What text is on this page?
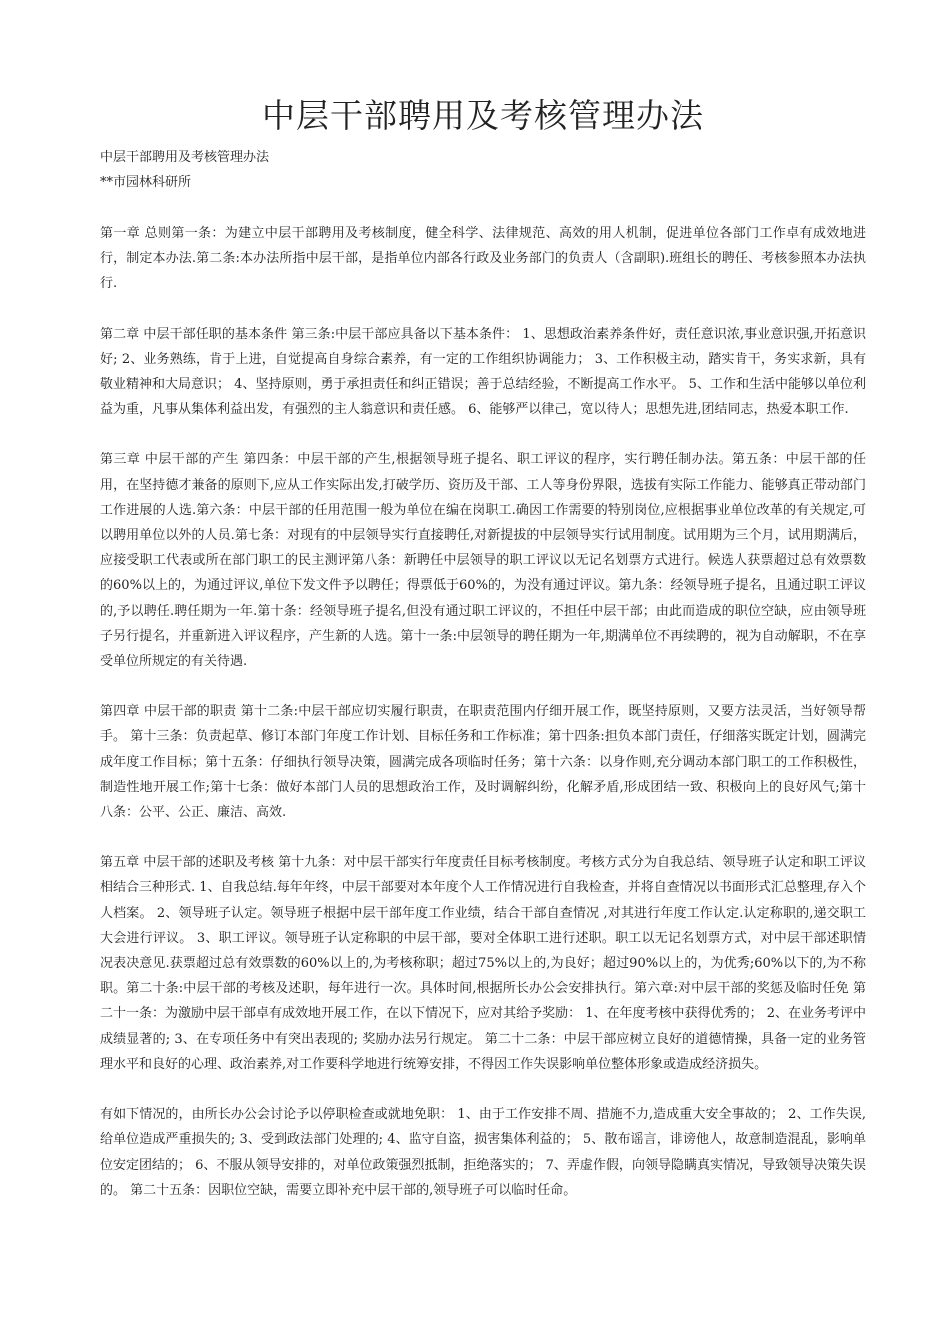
中层干部聘用及考核管理办法

中层干部聘用及考核管理办法

**市园林科研所

第一章 总则第一条：为建立中层干部聘用及考核制度，健全科学、法律规范、高效的用人机制，促进单位各部门工作卓有成效地进行，制定本办法.第二条:本办法所指中层干部，是指单位内部各行政及业务部门的负责人（含副职).班组长的聘任、考核参照本办法执行.

第二章 中层干部任职的基本条件 第三条:中层干部应具备以下基本条件： 1、思想政治素养条件好，责任意识浓,事业意识强,开拓意识好; 2、业务熟练，肯于上进，自觉提高自身综合素养，有一定的工作组织协调能力； 3、工作积极主动，踏实肯干，务实求新，具有敬业精神和大局意识； 4、坚持原则，勇于承担责任和纠正错误；善于总结经验，不断提高工作水平。 5、工作和生活中能够以单位利益为重，凡事从集体利益出发，有强烈的主人翁意识和责任感。 6、能够严以律己，宽以待人；思想先进,团结同志，热爱本职工作.

第三章 中层干部的产生 第四条：中层干部的产生,根据领导班子提名、职工评议的程序，实行聘任制办法。第五条：中层干部的任用，在坚持德才兼备的原则下,应从工作实际出发,打破学历、资历及干部、工人等身份界限，选拔有实际工作能力、能够真正带动部门工作进展的人选.第六条：中层干部的任用范围一般为单位在编在岗职工.确因工作需要的特别岗位,应根据事业单位改革的有关规定,可以聘用单位以外的人员.第七条：对现有的中层领导实行直接聘任,对新提拔的中层领导实行试用制度。试用期为三个月，试用期满后，应接受职工代表或所在部门职工的民主测评第八条：新聘任中层领导的职工评议以无记名划票方式进行。候选人获票超过总有效票数的60%以上的，为通过评议,单位下发文件予以聘任；得票低于60%的，为没有通过评议。第九条：经领导班子提名，且通过职工评议的,予以聘任.聘任期为一年.第十条：经领导班子提名,但没有通过职工评议的，不担任中层干部；由此而造成的职位空缺，应由领导班子另行提名，并重新进入评议程序，产生新的人选。第十一条:中层领导的聘任期为一年,期满单位不再续聘的，视为自动解职，不在享受单位所规定的有关待遇.

第四章 中层干部的职责 第十二条:中层干部应切实履行职责，在职责范围内仔细开展工作，既坚持原则，又要方法灵活，当好领导帮手。 第十三条：负责起草、修订本部门年度工作计划、目标任务和工作标准；第十四条:担负本部门责任，仔细落实既定计划，圆满完成年度工作目标；第十五条：仔细执行领导决策，圆满完成各项临时任务；第十六条：以身作则,充分调动本部门职工的工作积极性，制造性地开展工作;第十七条：做好本部门人员的思想政治工作，及时调解纠纷，化解矛盾,形成团结一致、积极向上的良好风气;第十八条：公平、公正、廉洁、高效.

第五章 中层干部的述职及考核 第十九条：对中层干部实行年度责任目标考核制度。考核方式分为自我总结、领导班子认定和职工评议相结合三种形式. 1、自我总结.每年年终，中层干部要对本年度个人工作情况进行自我检查，并将自查情况以书面形式汇总整理,存入个人档案。 2、领导班子认定。领导班子根据中层干部年度工作业绩，结合干部自查情况 ,对其进行年度工作认定.认定称职的,递交职工大会进行评议。 3、职工评议。领导班子认定称职的中层干部，要对全体职工进行述职。职工以无记名划票方式，对中层干部述职情况表决意见.获票超过总有效票数的60%以上的,为考核称职；超过75%以上的,为良好；超过90%以上的，为优秀;60%以下的,为不称职。第二十条:中层干部的考核及述职，每年进行一次。具体时间,根据所长办公会安排执行。第六章:对中层干部的奖惩及临时任免 第二十一条：为激励中层干部卓有成效地开展工作，在以下情况下，应对其给予奖励： 1、在年度考核中获得优秀的； 2、在业务考评中成绩显著的; 3、在专项任务中有突出表现的; 奖励办法另行规定。 第二十二条：中层干部应树立良好的道德情操，具备一定的业务管理水平和良好的心理、政治素养,对工作要科学地进行统筹安排，不得因工作失误影响单位整体形象或造成经济损失。

有如下情况的，由所长办公会讨论予以停职检查或就地免职： 1、由于工作安排不周、措施不力,造成重大安全事故的； 2、工作失误,给单位造成严重损失的; 3、受到政法部门处理的; 4、监守自盗，损害集体利益的； 5、散布谣言，诽谤他人，故意制造混乱，影响单位安定团结的； 6、不服从领导安排的，对单位政策强烈抵制，拒绝落实的； 7、弄虚作假，向领导隐瞒真实情况，导致领导决策失误的。 第二十五条：因职位空缺，需要立即补充中层干部的,领导班子可以临时任命。
